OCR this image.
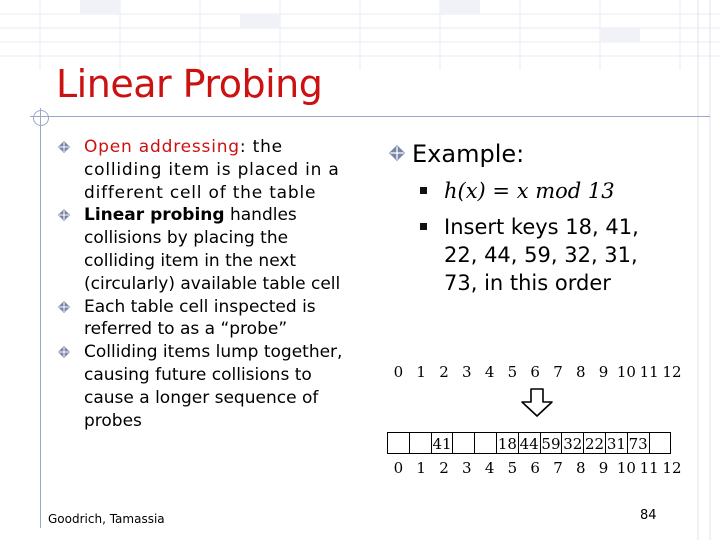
Linear Probing
Open addressing: the colliding item is placed in a different cell of the table
Linear probing handles collisions by placing the colliding item in the next (circularly) available table cell
Each table cell inspected is referred to as a “probe”
Colliding items lump together, causing future collisions to cause a longer sequence of probes
Example:
h(x) = x mod 13
Insert keys 18, 41, 22, 44, 59, 32, 31, 73, in this order
0 1 2 3 4 5 6 7 8 9 10 11 12
41	18 44 59 32 22 31 73
0 1 2 3 4 5 6 7 8 9 10 11 12
Goodrich, Tamassia	84
